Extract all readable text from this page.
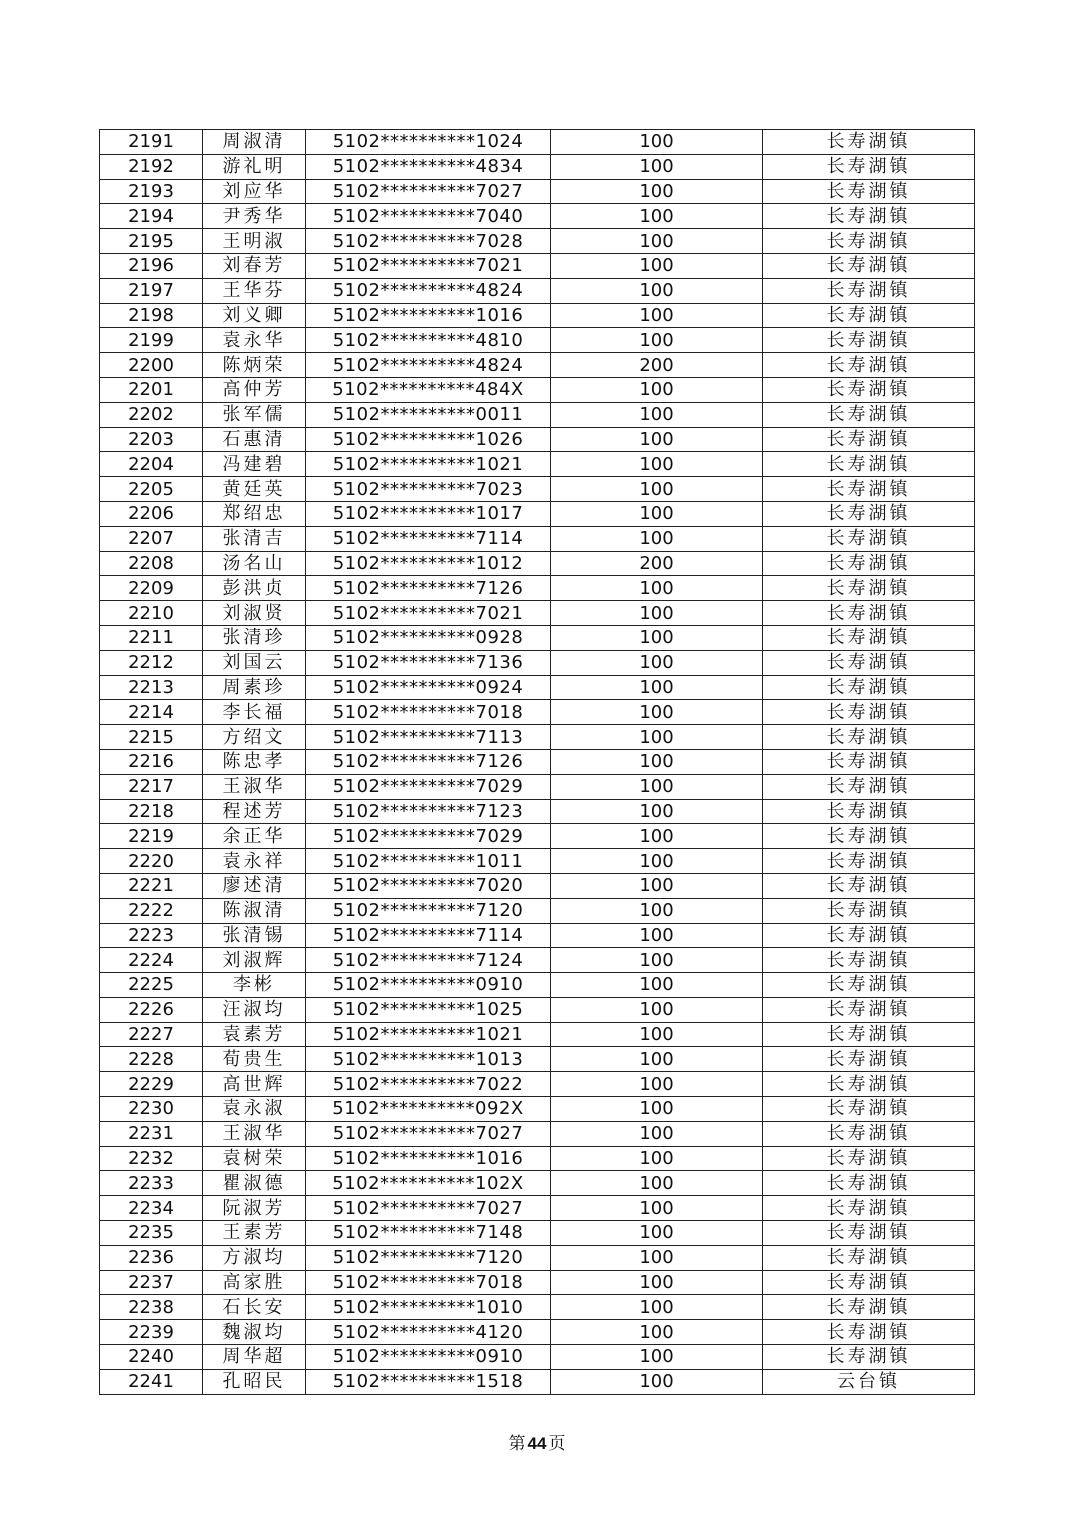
2191	周淑清	5102**********1024	100	长寿湖镇
2192	游礼明	5102**********4834	100	长寿湖镇
2193	刘应华	5102**********7027	100	长寿湖镇
2194	尹秀华	5102**********7040	100	长寿湖镇
2195	王明淑	5102**********7028	100	长寿湖镇
2196	刘春芳	5102**********7021	100	长寿湖镇
2197	王华芬	5102**********4824	100	长寿湖镇
2198	刘义卿	5102**********1016	100	长寿湖镇
2199	袁永华	5102**********4810	100	长寿湖镇
2200	陈炳荣	5102**********4824	200	长寿湖镇
2201	高仲芳	5102**********484X	100	长寿湖镇
2202	张军儒	5102**********0011	100	长寿湖镇
2203	石惠清	5102**********1026	100	长寿湖镇
2204	冯建碧	5102**********1021	100	长寿湖镇
2205	黄廷英	5102**********7023	100	长寿湖镇
2206	郑绍忠	5102**********1017	100	长寿湖镇
2207	张清吉	5102**********7114	100	长寿湖镇
2208	汤名山	5102**********1012	200	长寿湖镇
2209	彭洪贞	5102**********7126	100	长寿湖镇
2210	刘淑贤	5102**********7021	100	长寿湖镇
2211	张清珍	5102**********0928	100	长寿湖镇
2212	刘国云	5102**********7136	100	长寿湖镇
2213	周素珍	5102**********0924	100	长寿湖镇
2214	李长福	5102**********7018	100	长寿湖镇
2215	方绍文	5102**********7113	100	长寿湖镇
2216	陈忠孝	5102**********7126	100	长寿湖镇
2217	王淑华	5102**********7029	100	长寿湖镇
2218	程述芳	5102**********7123	100	长寿湖镇
2219	余正华	5102**********7029	100	长寿湖镇
2220	袁永祥	5102**********1011	100	长寿湖镇
2221	廖述清	5102**********7020	100	长寿湖镇
2222	陈淑清	5102**********7120	100	长寿湖镇
2223	张清锡	5102**********7114	100	长寿湖镇
2224	刘淑辉	5102**********7124	100	长寿湖镇
2225	李彬	5102**********0910	100	长寿湖镇
2226	汪淑均	5102**********1025	100	长寿湖镇
2227	袁素芳	5102**********1021	100	长寿湖镇
2228	荀贵生	5102**********1013	100	长寿湖镇
2229	高世辉	5102**********7022	100	长寿湖镇
2230	袁永淑	5102**********092X	100	长寿湖镇
2231	王淑华	5102**********7027	100	长寿湖镇
2232	袁树荣	5102**********1016	100	长寿湖镇
2233	瞿淑德	5102**********102X	100	长寿湖镇
2234	阮淑芳	5102**********7027	100	长寿湖镇
2235	王素芳	5102**********7148	100	长寿湖镇
2236	方淑均	5102**********7120	100	长寿湖镇
2237	高家胜	5102**********7018	100	长寿湖镇
2238	石长安	5102**********1010	100	长寿湖镇
2239	魏淑均	5102**********4120	100	长寿湖镇
2240	周华超	5102**********0910	100	长寿湖镇
2241	孔昭民	5102**********1518	100	云台镇
第 44 页
